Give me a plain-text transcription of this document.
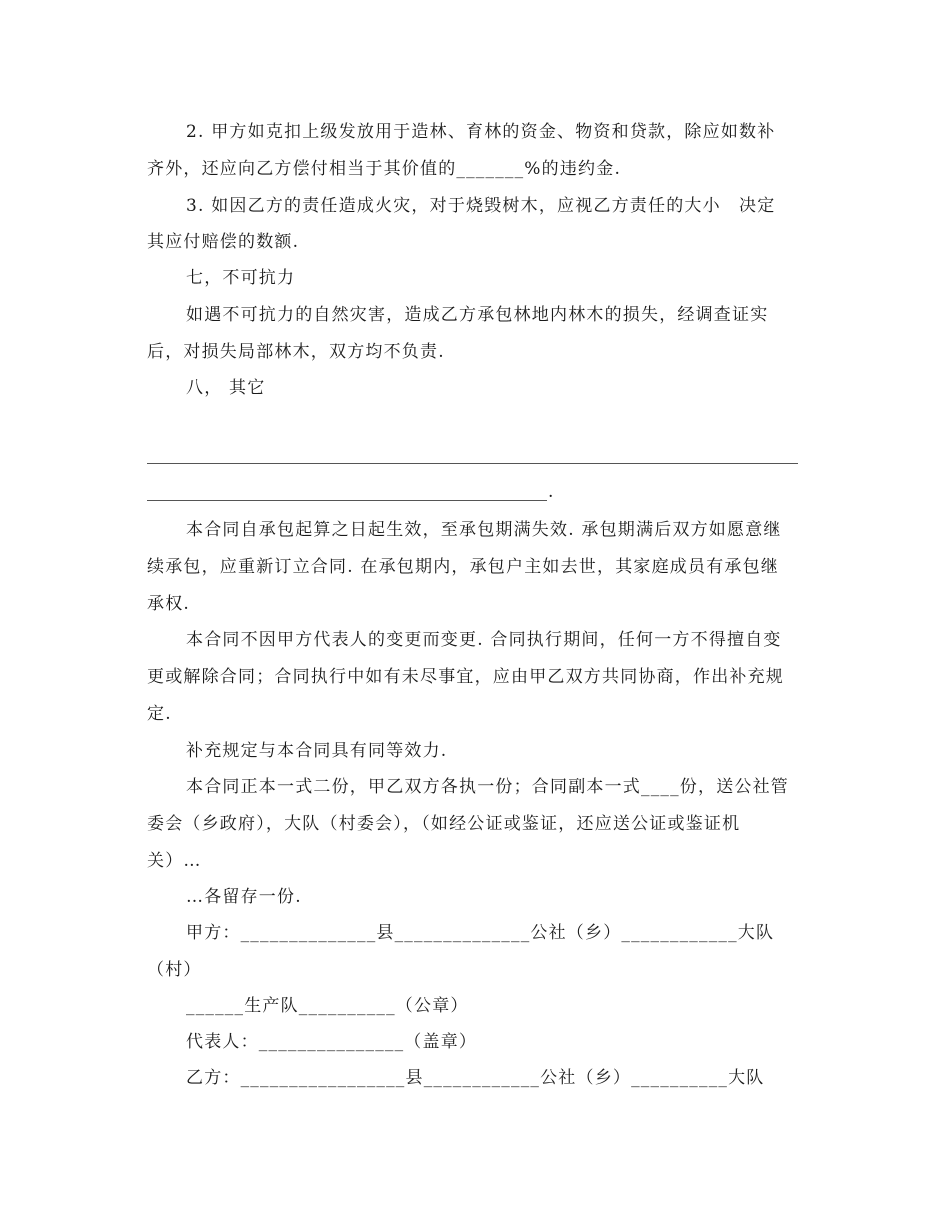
2. 甲方如克扣上级发放用于造林、育林的资金、物资和贷款，除应如数补
齐外，还应向乙方偿付相当于其价值的_______%的违约金.
3. 如因乙方的责任造成火灾，对于烧毁树木，应视乙方责任的大小　决定
其应付赔偿的数额.
七，不可抗力
如遇不可抗力的自然灾害，造成乙方承包林地内林木的损失，经调查证实
后，对损失局部林木，双方均不负责.
八， 其它
.
本合同自承包起算之日起生效，至承包期满失效. 承包期满后双方如愿意继
续承包，应重新订立合同. 在承包期内，承包户主如去世，其家庭成员有承包继
承权.
本合同不因甲方代表人的变更而变更. 合同执行期间，任何一方不得擅自变
更或解除合同；合同执行中如有未尽事宜，应由甲乙双方共同协商，作出补充规
定.
补充规定与本合同具有同等效力.
本合同正本一式二份，甲乙双方各执一份；合同副本一式____份，送公社管
委会（乡政府），大队（村委会），（如经公证或鉴证，还应送公证或鉴证机
关）…
…各留存一份.
甲方：______________县______________公社（乡）____________大队
（村）
______生产队__________（公章）
代表人：_______________（盖章）
乙方：_________________县____________公社（乡）__________大队
